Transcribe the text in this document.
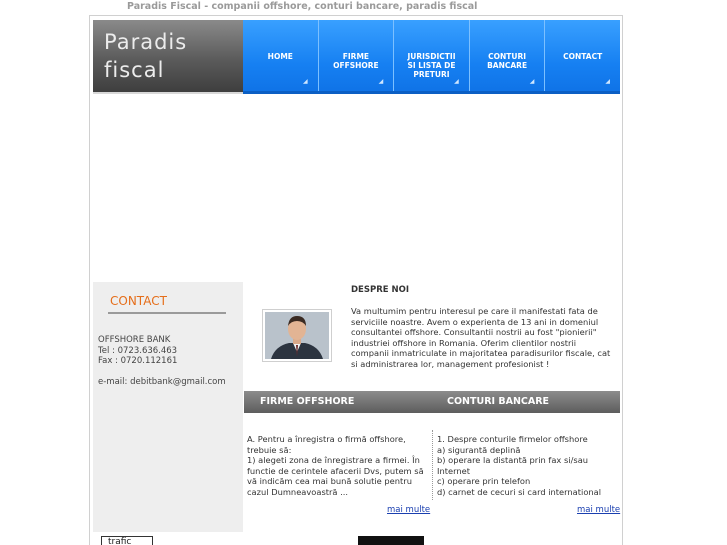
Paradis Fiscal - companii offshore, conturi bancare, paradis fiscal
Paradis
fiscal
HOME
◢
FIRME OFFSHORE
◢
JURISDICTII SI LISTA DE PRETURI
◢
CONTURI BANCARE
◢
CONTACT
◢
CONTACT
OFFSHORE BANK
Tel : 0723.636.463
Fax : 0720.112161
e-mail: debitbank@gmail.com
DESPRE NOI
Va multumim pentru interesul pe care il manifestati fata de serviciile noastre. Avem o experienta de 13 ani in domeniul consultantei offshore. Consultantii nostrii au fost "pionierii" industriei offshore in Romania. Oferim clientilor nostrii companii inmatriculate in majoritatea paradisurilor fiscale, cat si administrarea lor, management profesionist !
FIRME OFFSHORE	CONTURI BANCARE
A. Pentru a înregistra o firmă offshore, trebuie să:
1) alegeti zona de înregistrare a firmei. În functie de cerintele afacerii Dvs, putem să vă indicăm cea mai bună solutie pentru cazul Dumneavoastră ...
1. Despre conturile firmelor offshore
a) sigurantă deplină
b) operare la distantă prin fax si/sau Internet
c) operare prin telefon
d) carnet de cecuri si card international
mai multe	mai multe
trafic
